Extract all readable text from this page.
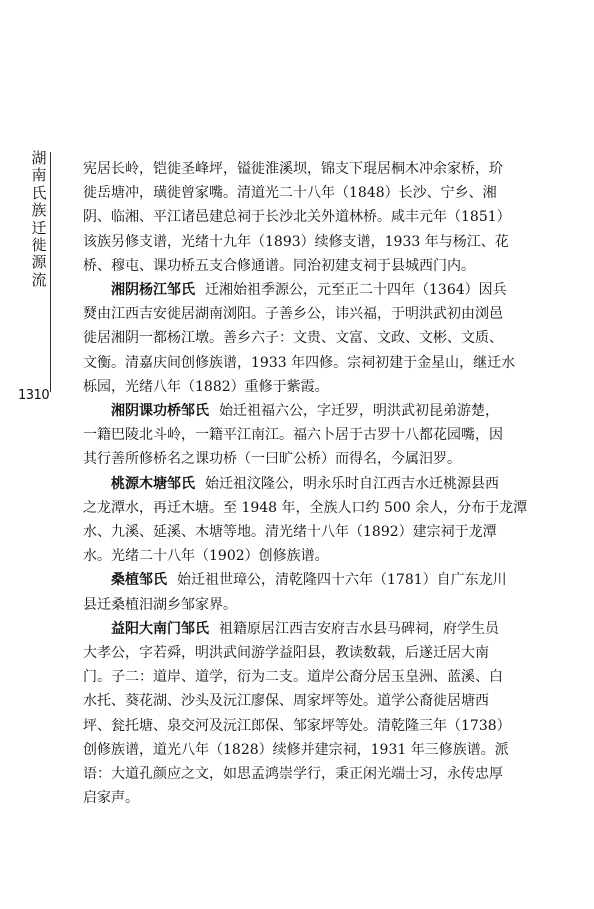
湖
南
氏
族
迁
徙
源
流
1310

宪居长岭，铠徙圣峰坪，镒徙淮溪坝，锦支下琨居桐木冲余家桥，玠
徙岳塘冲，璜徙曾家嘴。清道光二十八年（1848）长沙、宁乡、湘
阴、临湘、平江诸邑建总祠于长沙北关外道林桥。咸丰元年（1851）
该族另修支谱，光绪十九年（1893）续修支谱，1933 年与杨江、花
桥、穆屯、课功桥五支合修通谱。同治初建支祠于县城西门内。

湘阴杨江邹氏 迁湘始祖季源公，元至正二十四年（1364）因兵
燹由江西吉安徙居湖南浏阳。子善乡公，讳兴福，于明洪武初由浏邑
徙居湘阴一都杨江墩。善乡六子：文贵、文富、文政、文彬、文质、
文衡。清嘉庆间创修族谱，1933 年四修。宗祠初建于金星山，继迁水
栎园，光绪八年（1882）重修于紫霞。

湘阴课功桥邹氏 始迁祖福六公，字迁罗，明洪武初昆弟游楚，
一籍巴陵北斗岭，一籍平江南江。福六卜居于古罗十八都花园嘴，因
其行善所修桥名之课功桥（一曰旷公桥）而得名，今属汨罗。

桃源木塘邹氏 始迁祖汶隆公，明永乐时自江西吉水迁桃源县西
之龙潭水，再迁木塘。至 1948 年，全族人口约 500 余人，分布于龙潭
水、九溪、延溪、木塘等地。清光绪十八年（1892）建宗祠于龙潭
水。光绪二十八年（1902）创修族谱。

桑植邹氏 始迁祖世璋公，清乾隆四十六年（1781）自广东龙川
县迁桑植汨湖乡邹家界。

益阳大南门邹氏 祖籍原居江西吉安府吉水县马碑祠，府学生员
大孝公，字若舜，明洪武间游学益阳县，教读数载，后遂迁居大南
门。子二：道岸、道学，衍为二支。道岸公裔分居玉皇洲、蓝溪、白
水托、葵花湖、沙头及沅江廖保、周家坪等处。道学公裔徙居塘西
坪、瓮托塘、泉交河及沅江郎保、邹家坪等处。清乾隆三年（1738）
创修族谱，道光八年（1828）续修并建宗祠，1931 年三修族谱。派
语：大道孔颜应之文，如思孟鸿崇学行，秉正闲光端士习，永传忠厚
启家声。
